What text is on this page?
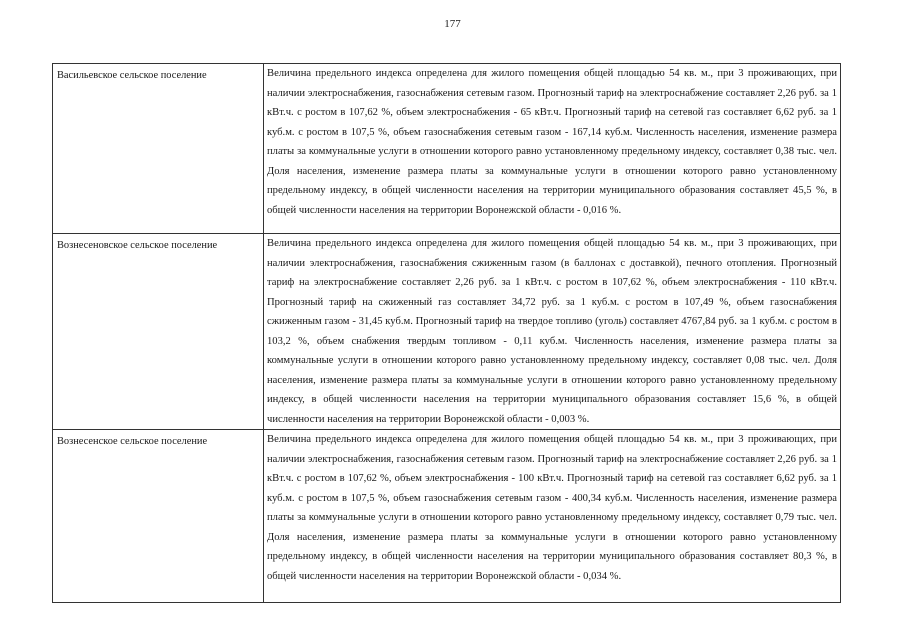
177
Васильевское сельское поселение	Величина предельного индекса определена для жилого помещения общей площадью 54 кв. м., при 3 проживающих, при наличии электроснабжения, газоснабжения сетевым газом. Прогнозный тариф на электроснабжение составляет 2,26 руб. за 1 кВт.ч. с ростом в 107,62 %, объем электроснабжения - 65 кВт.ч. Прогнозный тариф на сетевой газ составляет 6,62 руб. за 1 куб.м. с ростом в 107,5 %, объем газоснабжения сетевым газом - 167,14 куб.м. Численность населения, изменение размера платы за коммунальные услуги в отношении которого равно установленному предельному индексу, составляет 0,38 тыс. чел. Доля населения, изменение размера платы за коммунальные услуги в отношении которого равно установленному предельному индексу, в общей численности населения на территории муниципального образования составляет 45,5 %, в общей численности населения на территории Воронежской области - 0,016 %.
Вознесеновское сельское поселение	Величина предельного индекса определена для жилого помещения общей площадью 54 кв. м., при 3 проживающих, при наличии электроснабжения, газоснабжения сжиженным газом (в баллонах с доставкой), печного отопления. Прогнозный тариф на электроснабжение составляет 2,26 руб. за 1 кВт.ч. с ростом в 107,62 %, объем электроснабжения - 110 кВт.ч. Прогнозный тариф на сжиженный газ составляет 34,72 руб. за 1 куб.м. с ростом в 107,49 %, объем газоснабжения сжиженным газом - 31,45 куб.м. Прогнозный тариф на твердое топливо (уголь) составляет 4767,84 руб. за 1 куб.м. с ростом в 103,2 %, объем снабжения твердым топливом - 0,11 куб.м. Численность населения, изменение размера платы за коммунальные услуги в отношении которого равно установленному предельному индексу, составляет 0,08 тыс. чел. Доля населения, изменение размера платы за коммунальные услуги в отношении которого равно установленному предельному индексу, в общей численности населения на территории муниципального образования составляет 15,6 %, в общей численности населения на территории Воронежской области - 0,003 %.
Вознесенское сельское поселение	Величина предельного индекса определена для жилого помещения общей площадью 54 кв. м., при 3 проживающих, при наличии электроснабжения, газоснабжения сетевым газом. Прогнозный тариф на электроснабжение составляет 2,26 руб. за 1 кВт.ч. с ростом в 107,62 %, объем электроснабжения - 100 кВт.ч. Прогнозный тариф на сетевой газ составляет 6,62 руб. за 1 куб.м. с ростом в 107,5 %, объем газоснабжения сетевым газом - 400,34 куб.м. Численность населения, изменение размера платы за коммунальные услуги в отношении которого равно установленному предельному индексу, составляет 0,79 тыс. чел. Доля населения, изменение размера платы за коммунальные услуги в отношении которого равно установленному предельному индексу, в общей численности населения на территории муниципального образования составляет 80,3 %, в общей численности населения на территории Воронежской области - 0,034 %.
